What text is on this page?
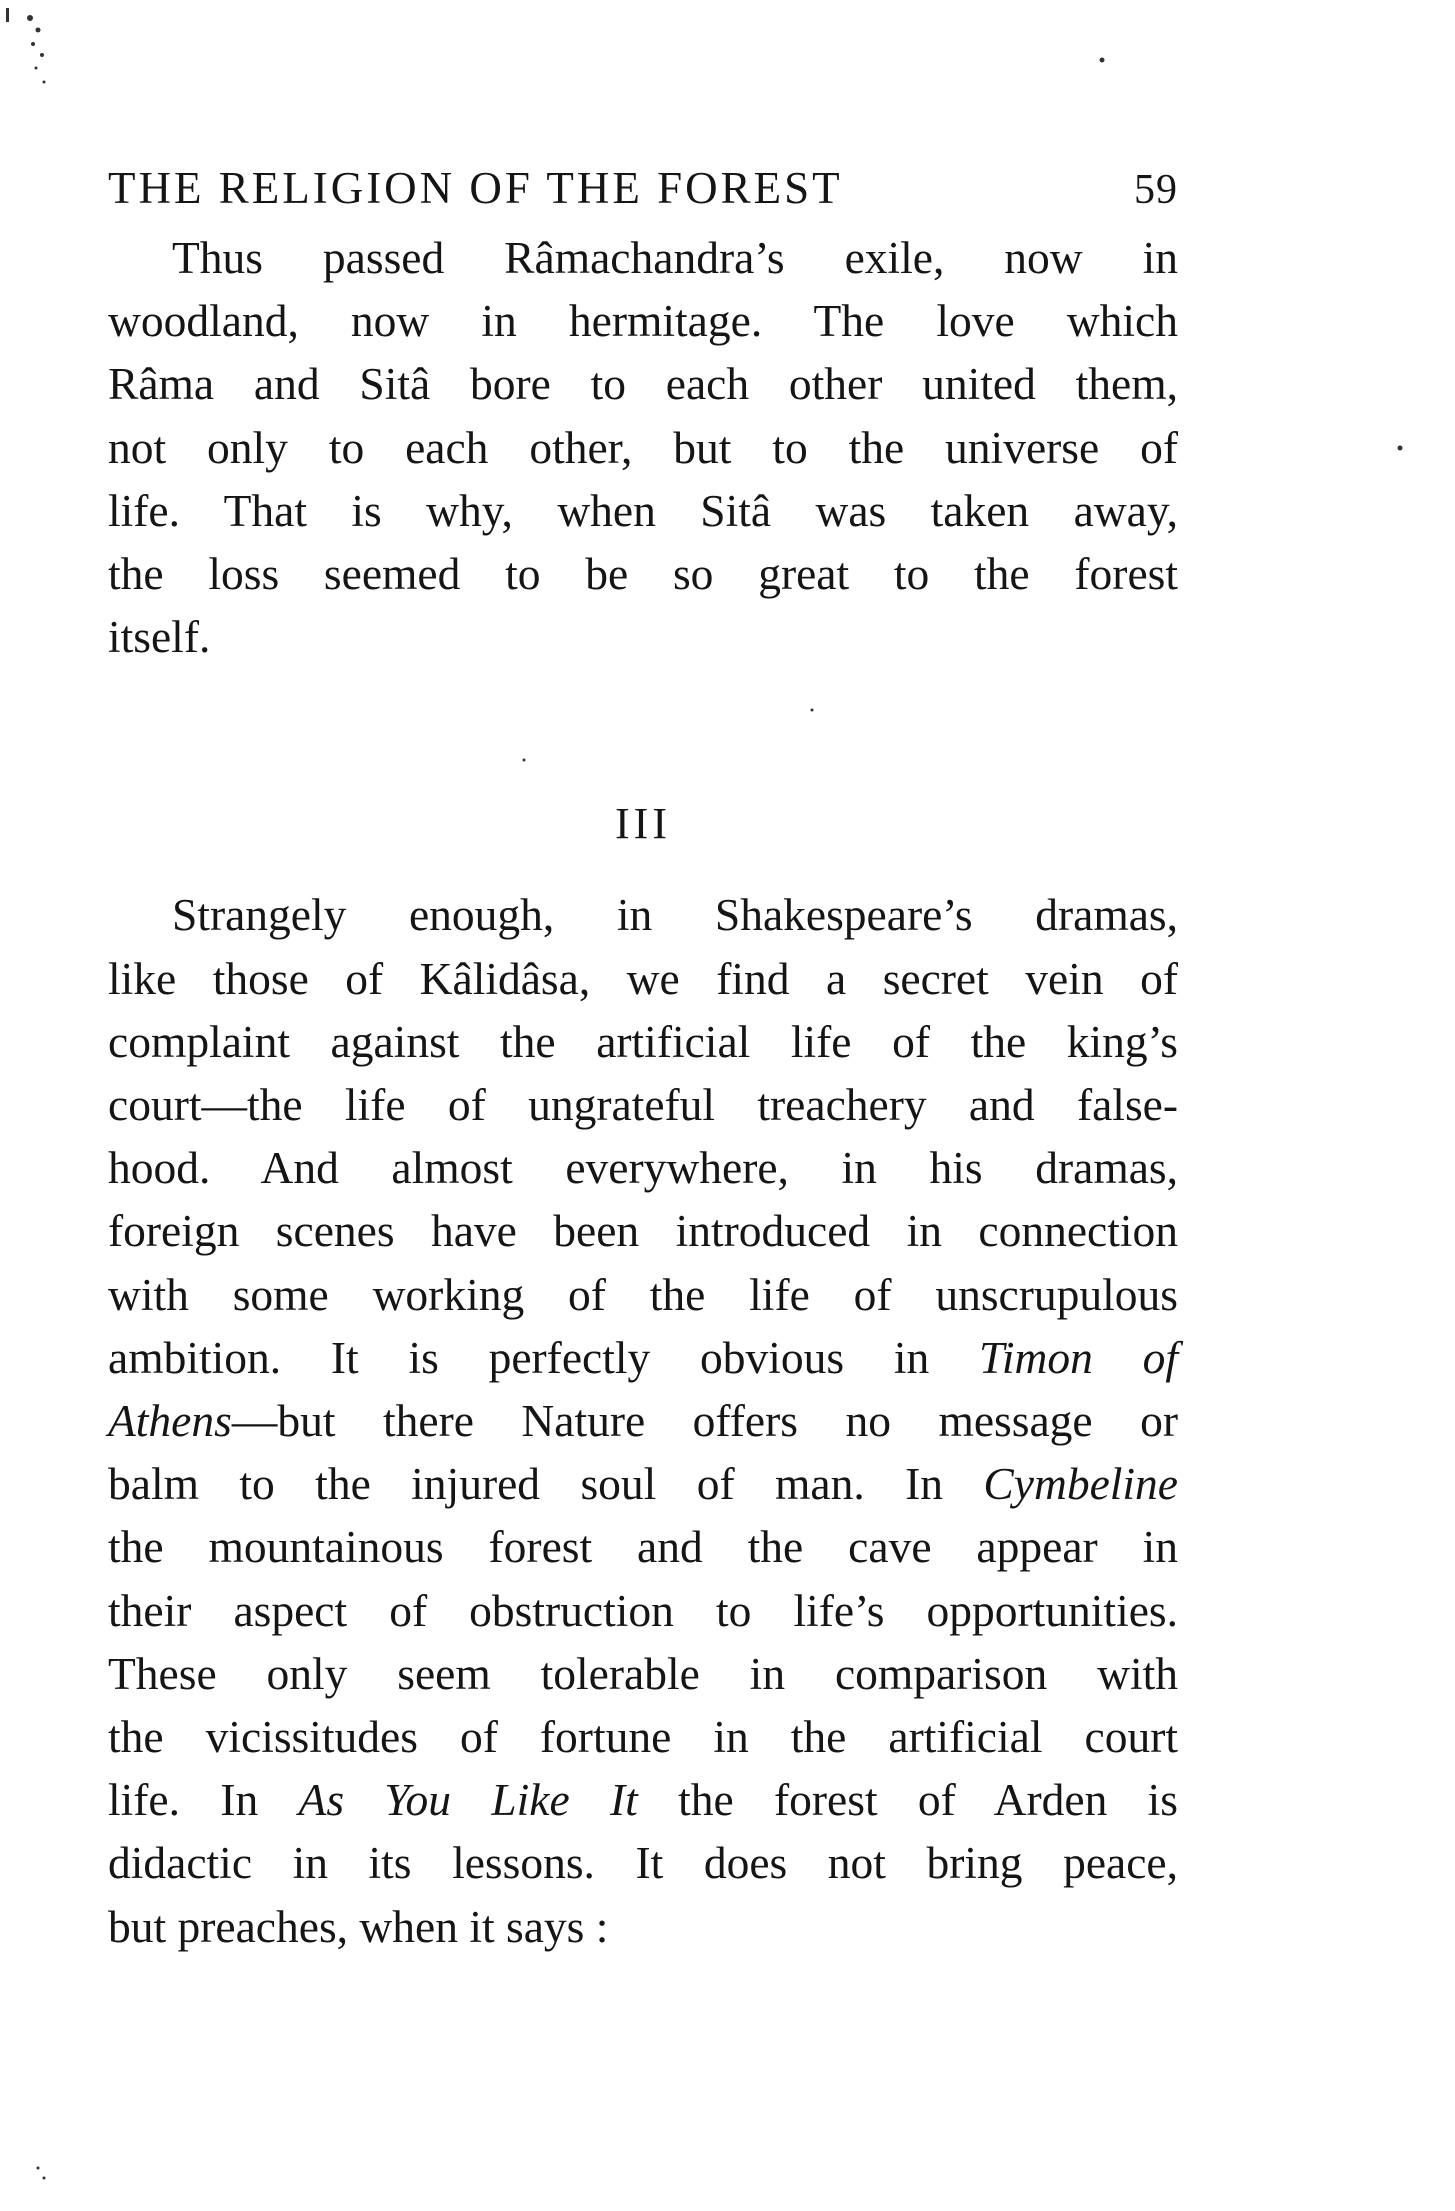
THE RELIGION OF THE FOREST	59

Thus passed Râmachandra’s exile, now in
woodland, now in hermitage. The love which
Râma and Sitâ bore to each other united them,
not only to each other, but to the universe of
life. That is why, when Sitâ was taken away,
the loss seemed to be so great to the forest
itself.

III

Strangely enough, in Shakespeare’s dramas,
like those of Kâlidâsa, we find a secret vein of
complaint against the artificial life of the king’s
court—the life of ungrateful treachery and false-
hood. And almost everywhere, in his dramas,
foreign scenes have been introduced in connection
with some working of the life of unscrupulous
ambition. It is perfectly obvious in Timon of
Athens—but there Nature offers no message or
balm to the injured soul of man. In Cymbeline
the mountainous forest and the cave appear in
their aspect of obstruction to life’s opportunities.
These only seem tolerable in comparison with
the vicissitudes of fortune in the artificial court
life. In As You Like It the forest of Arden is
didactic in its lessons. It does not bring peace,
but preaches, when it says :
